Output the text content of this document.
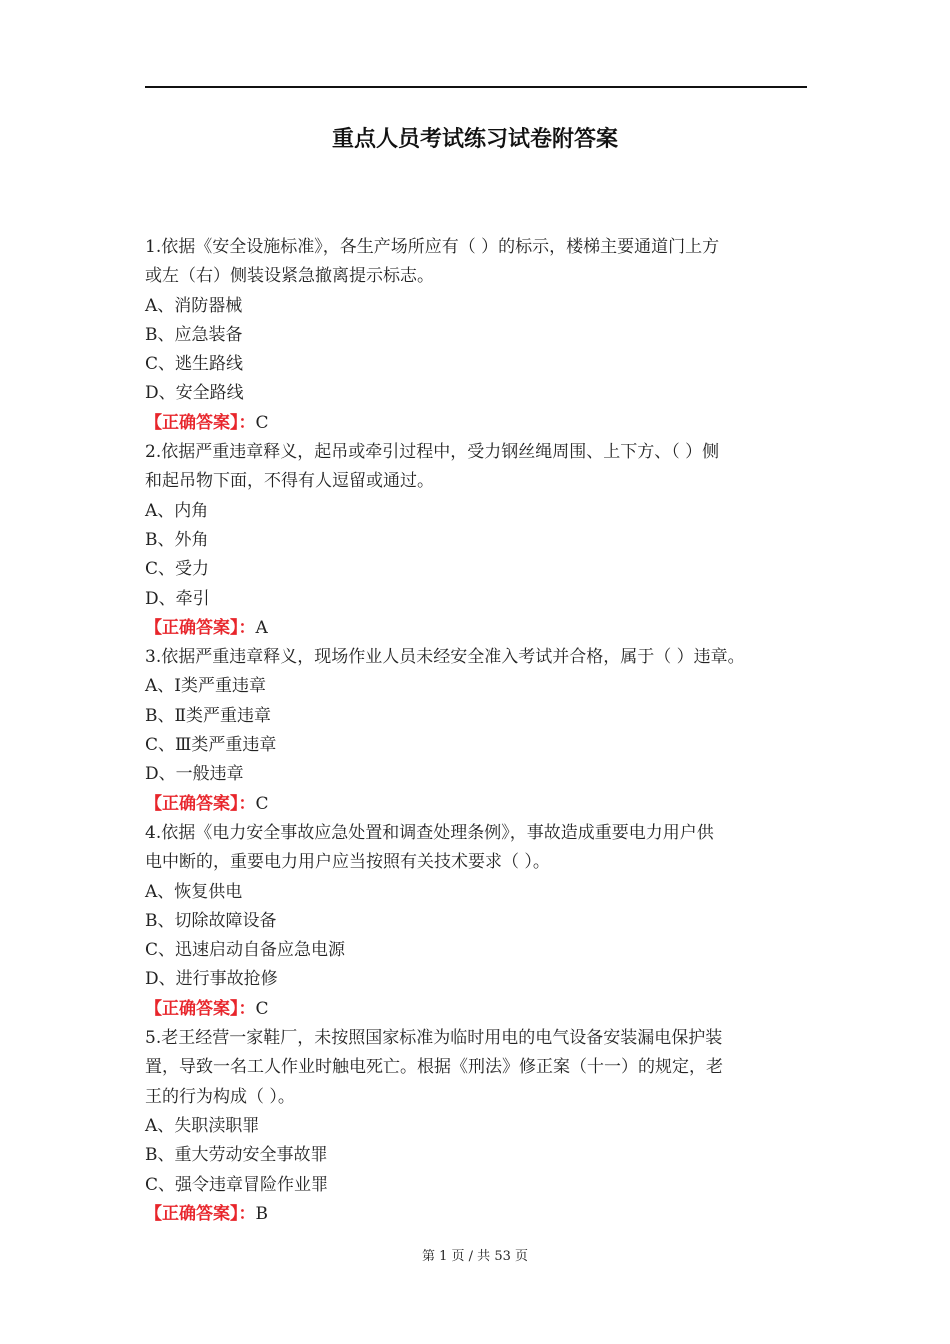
重点人员考试练习试卷附答案
1.依据《安全设施标准》，各生产场所应有（ ）的标示，楼梯主要通道门上方
或左（右）侧装设紧急撤离提示标志。
A、消防器械
B、应急装备
C、逃生路线
D、安全路线
【正确答案】：C
2.依据严重违章释义，起吊或牵引过程中，受力钢丝绳周围、上下方、（ ）侧
和起吊物下面，不得有人逗留或通过。
A、内角
B、外角
C、受力
D、牵引
【正确答案】：A
3.依据严重违章释义，现场作业人员未经安全准入考试并合格，属于（ ）违章。
A、Ⅰ类严重违章
B、Ⅱ类严重违章
C、Ⅲ类严重违章
D、一般违章
【正确答案】：C
4.依据《电力安全事故应急处置和调查处理条例》，事故造成重要电力用户供
电中断的，重要电力用户应当按照有关技术要求（ ）。
A、恢复供电
B、切除故障设备
C、迅速启动自备应急电源
D、进行事故抢修
【正确答案】：C
5.老王经营一家鞋厂，未按照国家标准为临时用电的电气设备安装漏电保护装
置，导致一名工人作业时触电死亡。根据《刑法》修正案（十一）的规定，老
王的行为构成（ ）。
A、失职渎职罪
B、重大劳动安全事故罪
C、强令违章冒险作业罪
【正确答案】：B
第 1 页 / 共 53 页
